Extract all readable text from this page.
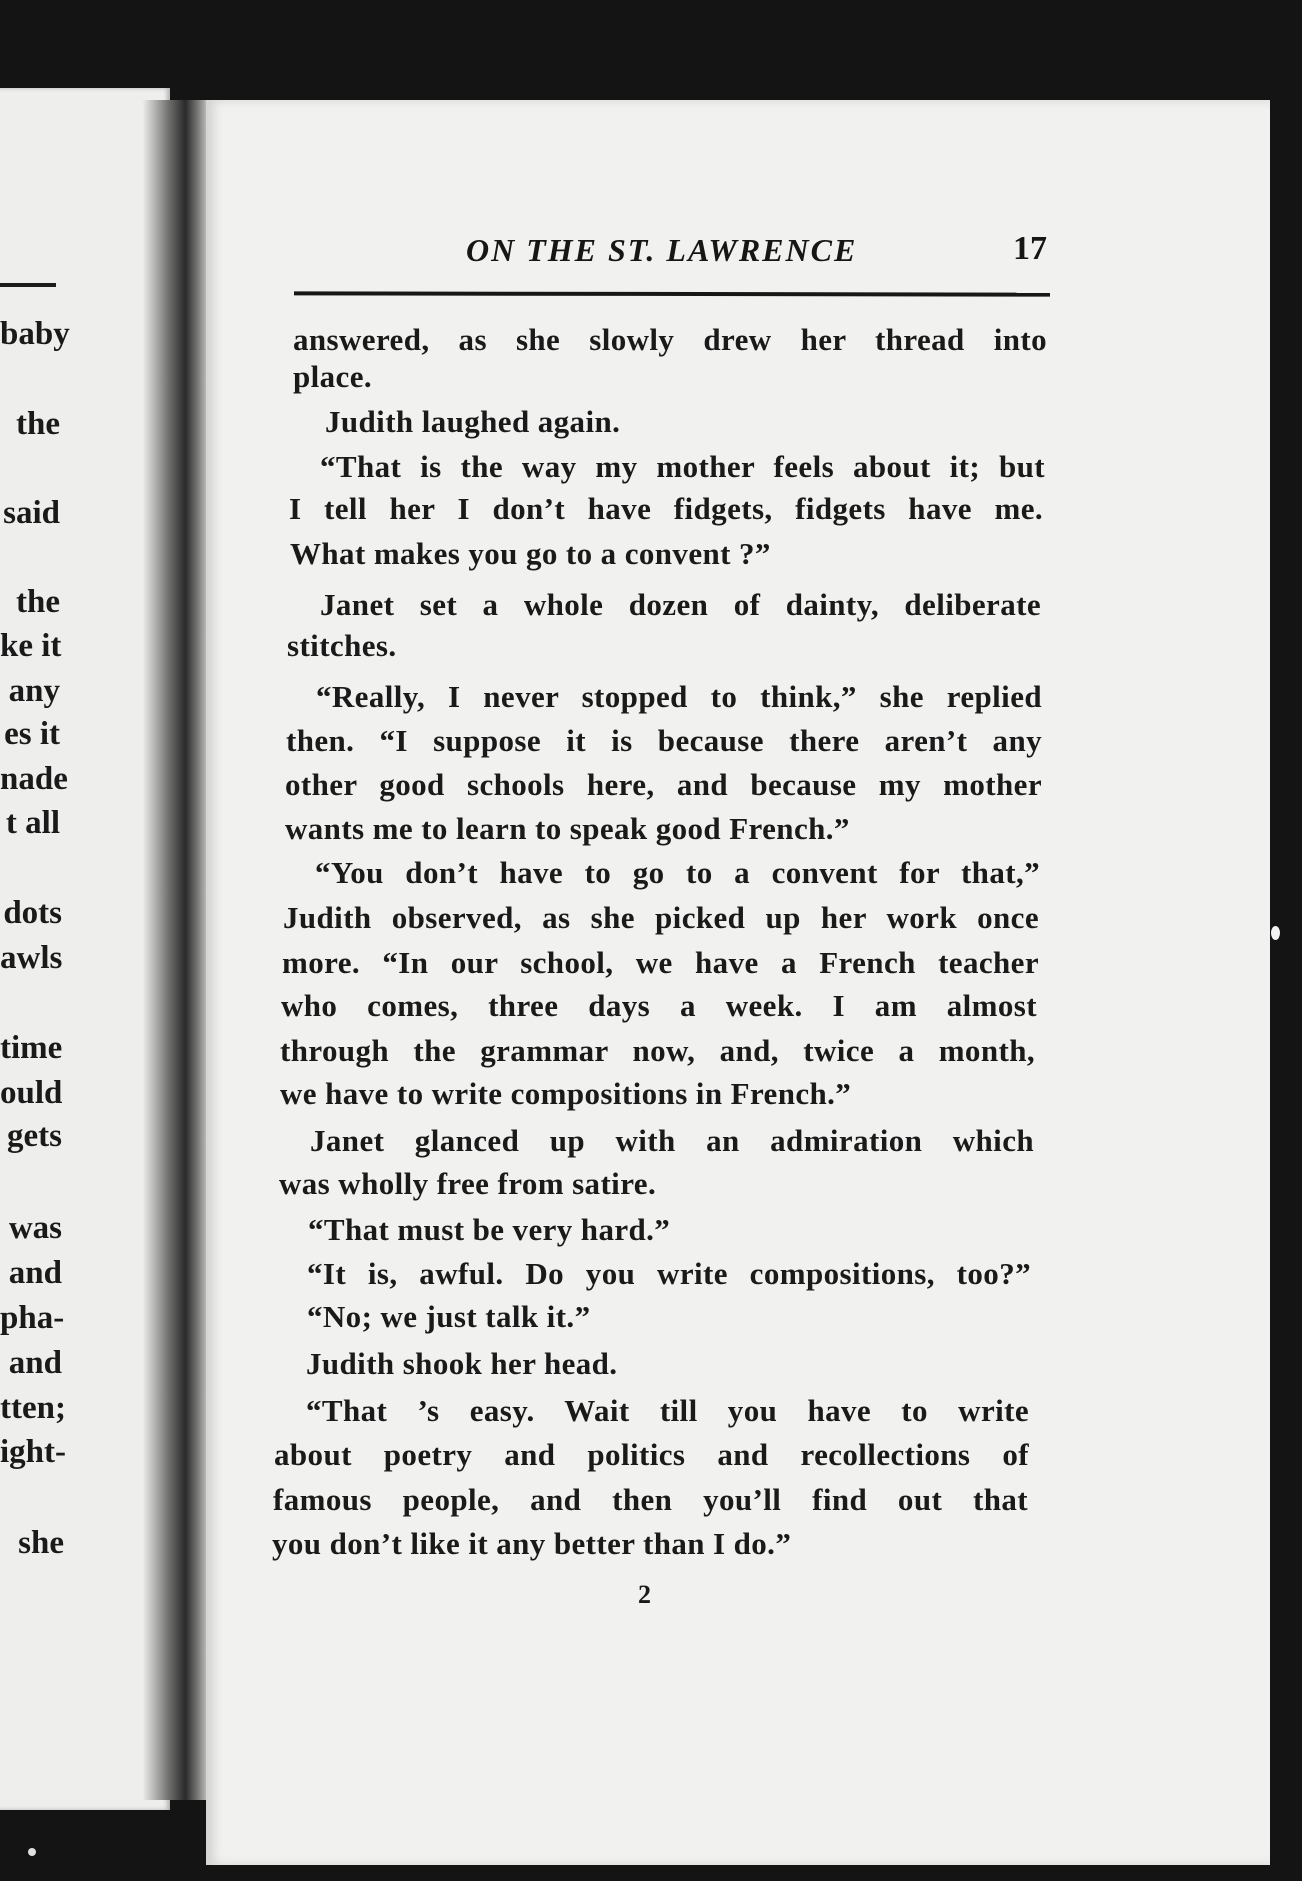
baby
the
said
the
ke it
any
es it
nade
t all
dots
awls
time
ould
gets
was
and
pha-
and
tten;
ight-
she
ON THE ST. LAWRENCE	17
answered, as she slowly drew her thread into
place.
Judith laughed again.
“That is the way my mother feels about it; but
I tell her I don’t have fidgets, fidgets have me.
What makes you go to a convent ?”
Janet set a whole dozen of dainty, deliberate
stitches.
“Really, I never stopped to think,” she replied
then. “I suppose it is because there aren’t any
other good schools here, and because my mother
wants me to learn to speak good French.”
“You don’t have to go to a convent for that,”
Judith observed, as she picked up her work once
more. “In our school, we have a French teacher
who comes, three days a week. I am almost
through the grammar now, and, twice a month,
we have to write compositions in French.”
Janet glanced up with an admiration which
was wholly free from satire.
“That must be very hard.”
“It is, awful. Do you write compositions, too?”
“No; we just talk it.”
Judith shook her head.
“That ’s easy. Wait till you have to write
about poetry and politics and recollections of
famous people, and then you’ll find out that
you don’t like it any better than I do.”
2
